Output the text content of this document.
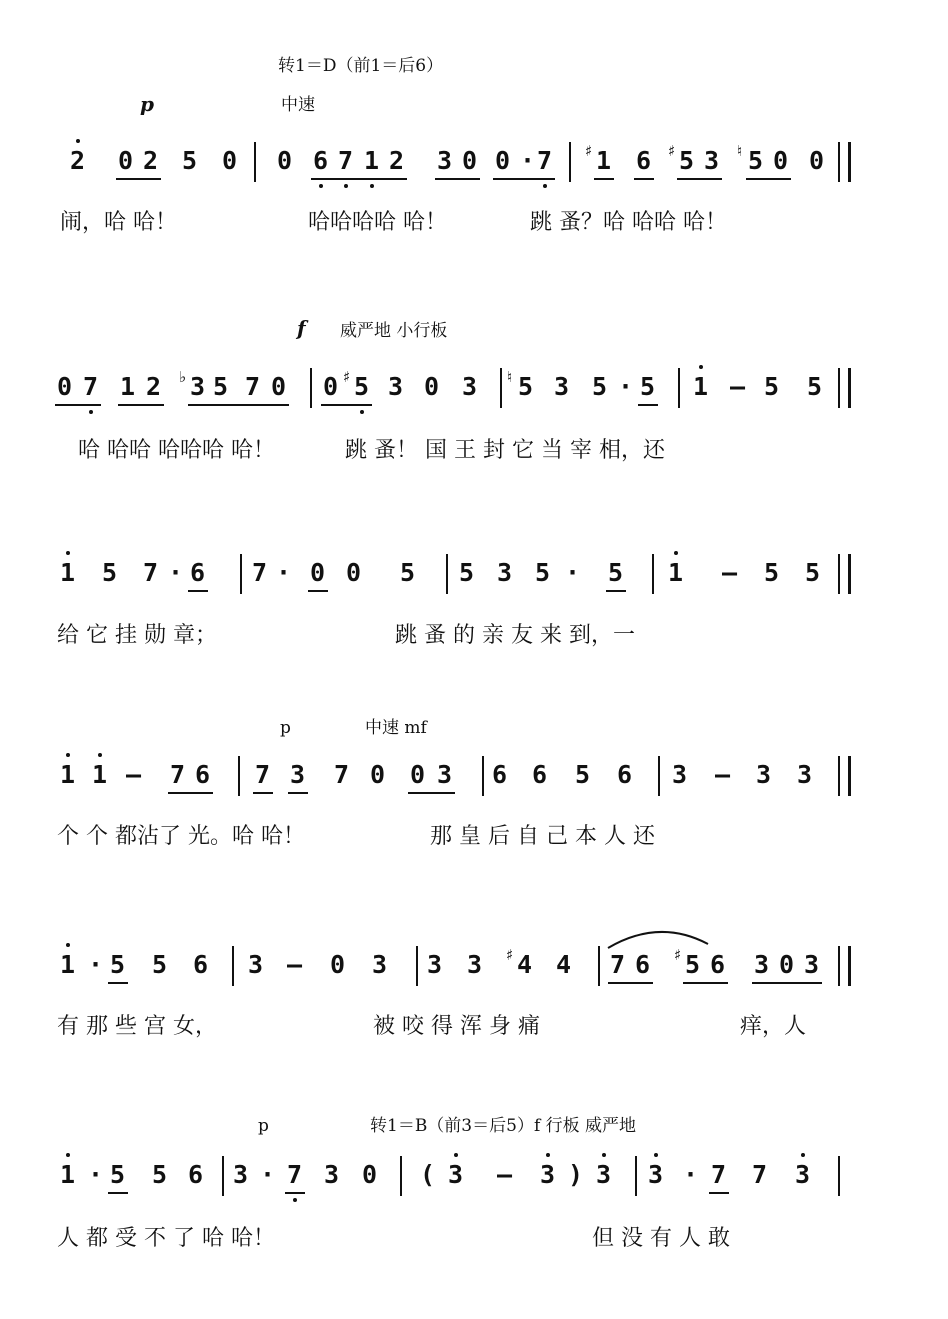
转1＝D（前1＝后6）
p	中速
2 0 2 5 0 0 6 7 1 2 3 0 0 · 7 1
♯ 6 5
♯ 3 5
♮ 0 0
闹，哈 哈！	哈哈哈哈 哈！	跳 蚤？哈 哈哈 哈！
f 威严地 小行板
0 7 1 2 3
♭ 5 7 0 0 5
♯ 3 0 3 5
♮ 3 5 · 5 1 – 5 5
哈 哈哈 哈哈哈 哈！	跳 蚤！ 国 王 封 它 当 宰 相，还
1 5 7 · 6 7 · 0 0 5 5 3 5 · 5 1 – 5 5
给 它 挂 勋 章；	跳 蚤 的 亲 友 来 到，一
p	中速 mf
1 1 – 7 6 7 3 7 0 0 3 6 6 5 6 3 – 3 3
个 个 都沾了 光。哈 哈！	那 皇 后 自 己 本 人 还
1 · 5 5 6 3 – 0 3 3 3 4
♯ 4 7 6 5
♯ 6 3 0 3
有 那 些 宫 女，	被 咬 得 浑 身 痛	痒，人
p	转1＝B（前3＝后5）f 行板 威严地
1 · 5 5 6 3 · 7 3 0 ( 3 – 3 ) 3 3 · 7 7 3
人 都 受 不 了 哈 哈！	但 没 有 人 敢
